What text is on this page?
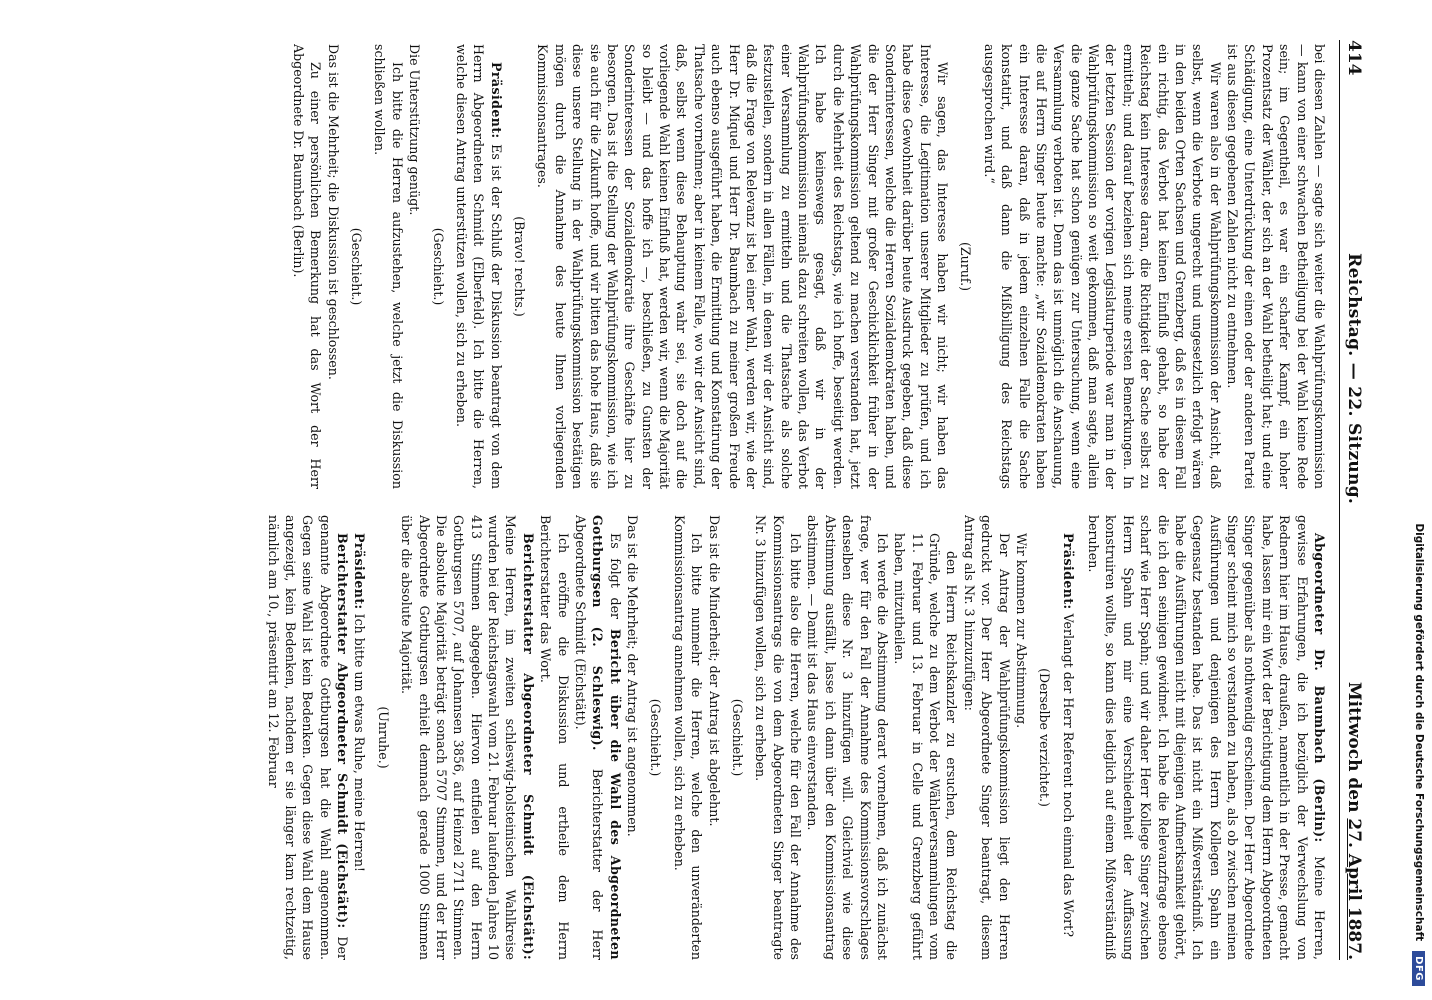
Digitalisierung gefördert durch die Deutsche Forschungsgemeinschaft
DFG
414
Reichstag. — 22. Sitzung.
Mittwoch den 27. April 1887.

bei diesen Zahlen — sagte sich weiter die Wahlprüfungskommission — kann von einer schwachen Betheiligung bei der Wahl keine Rede sein; im Gegentheil, es war ein scharfer Kampf, ein hoher Prozentsatz der Wähler, der sich an der Wahl betheiligt hat; und eine Schädigung, eine Unterdrückung der einen oder der anderen Partei ist aus diesen gegebenen Zahlen nicht zu entnehmen.

Wir waren also in der Wahlprüfungskommission der Ansicht, daß selbst, wenn die Verbote ungerecht und ungesetzlich erfolgt wären in den beiden Orten Sachsen und Grenzberg, daß es in diesem Fall ein richtig, das Verbot hat keinen Einfluß gehabt, so habe der Reichstag kein Interesse daran, die Richtigkeit der Sache selbst zu ermitteln; und darauf beziehen sich meine ersten Bemerkungen. In der letzten Session der vorigen Legislaturperiode war man in der Wahlprüfungskommission so weit gekommen, daß man sagte, allein die ganze Sache hat schon genügen zur Untersuchung, wenn eine Versammlung verboten ist. Denn das ist unmöglich die Anschauung, die auf Herrn Singer heute machte: „wir Sozialdemokraten haben ein Interesse daran, daß in jedem einzelnen Falle die Sache konstatirt, und daß dann die Mißbilligung des Reichstags ausgesprochen wird.“

(Zuruf.)

Wir sagen, das Interesse haben wir nicht; wir haben das Interesse, die Legitimation unserer Mitglieder zu prüfen, und ich habe diese Gewohnheit darüber heute Ausdruck gegeben, daß diese Sonderinteressen, welche die Herren Sozialdemokraten haben, und die der Herr Singer mit großer Geschicklichkeit früher in der Wahlprüfungskommission geltend zu machen verstanden hat, jetzt durch die Mehrheit des Reichstags, wie ich hoffe, beseitigt werden. Ich habe keineswegs gesagt, daß wir in der Wahlprüfungskommission niemals dazu schreiten wollen, das Verbot einer Versammlung zu ermitteln und die Thatsache als solche festzustellen, sondern in allen Fällen, in denen wir der Ansicht sind, daß die Frage von Relevanz ist bei einer Wahl, werden wir, wie der Herr Dr. Miquel und Herr Dr. Baumbach zu meiner großen Freude auch ebenso ausgeführt haben, die Ermittlung und Konstatirung der Thatsache vornehmen; aber in keinem Falle, wo wir der Ansicht sind, daß, selbst wenn diese Behauptung wahr sei, sie doch auf die vorliegende Wahl keinen Einfluß hat, werden wir, wenn die Majorität so bleibt — und das hoffe ich —, beschließen, zu Gunsten der Sonderinteressen der Sozialdemokratie ihre Geschäfte hier zu besorgen. Das ist die Stellung der Wahlprüfungskommission, wie ich sie auch für die Zukunft hoffe, und wir bitten das hohe Haus, daß sie diese unsere Stellung in der Wahlprüfungskommission bestätigen mögen durch die Annahme des heute Ihnen vorliegenden Kommissionsantrages.

(Bravo! rechts.)

Präsident: Es ist der Schluß der Diskussion beantragt von dem Herrn Abgeordneten Schmidt (Elberfeld). Ich bitte die Herren, welche diesen Antrag unterstützen wollen, sich zu erheben.

(Geschieht.)

Die Unterstützung genügt.

Ich bitte die Herren aufzustehen, welche jetzt die Diskussion schließen wollen.

(Geschieht.)

Das ist die Mehrheit; die Diskussion ist geschlossen.

Zu einer persönlichen Bemerkung hat das Wort der Herr Abgeordnete Dr. Baumbach (Berlin).

Abgeordneter Dr. Baumbach (Berlin): Meine Herren, gewisse Erfahrungen, die ich bezüglich der Verwechslung von Rednern hier im Hause, draußen, namentlich in der Presse, gemacht habe, lassen mir ein Wort der Berichtigung dem Herrn Abgeordneten Singer gegenüber als nothwendig erscheinen. Der Herr Abgeordnete Singer scheint mich so verstanden zu haben, als ob zwischen meinen Ausführungen und denjenigen des Herrn Kollegen Spahn ein Gegensatz bestanden habe. Das ist nicht ein Mißverständniß. Ich habe die Ausführungen nicht mit diejenigen Aufmerksamkeit gehört, die ich den seinigen gewidmet. Ich habe die Relevanzfrage ebenso scharf wie Herr Spahn; und wir daher Herr Kollege Singer zwischen Herrn Spahn und mir eine Verschiedenheit der Auffassung konstruiren wollte, so kann dies lediglich auf einem Mißverständniß beruhen.

Präsident: Verlangt der Herr Referent noch einmal das Wort?

(Derselbe verzichtet.)

Wir kommen zur Abstimmung.

Der Antrag der Wahlprüfungskommission liegt den Herren gedruckt vor. Der Herr Abgeordnete Singer beantragt, diesem Antrag als Nr. 3 hinzuzufügen:

den Herrn Reichskanzler zu ersuchen, dem Reichstag die Gründe, welche zu dem Verbot der Wählerversammlungen vom 11. Februar und 13. Februar in Celle und Grenzberg geführt haben, mitzutheilen.

Ich werde die Abstimmung derart vornehmen, daß ich zunächst frage, wer für den Fall der Annahme des Kommissionsvorschlages denselben diese Nr. 3 hinzufügen will. Gleichviel wie diese Abstimmung ausfällt, lasse ich dann über den Kommissionsantrag abstimmen. — Damit ist das Haus einverstanden.

Ich bitte also die Herren, welche für den Fall der Annahme des Kommissionsantrags die von dem Abgeordneten Singer beantragte Nr. 3 hinzufügen wollen, sich zu erheben.

(Geschieht.)

Das ist die Minderheit; der Antrag ist abgelehnt.

Ich bitte nunmehr die Herren, welche den unveränderten Kommissionsantrag annehmen wollen, sich zu erheben.

(Geschieht.)

Das ist die Mehrheit; der Antrag ist angenommen.

Es folgt der Bericht über die Wahl des Abgeordneten Gottburgsen (2. Schleswig). Berichterstatter der Herr Abgeordnete Schmidt (Eichstätt).

Ich eröffne die Diskussion und ertheile dem Herrn Berichterstatter das Wort.

Berichterstatter Abgeordneter Schmidt (Eichstätt): Meine Herren, im zweiten schleswig-holsteinischen Wahlkreise wurden bei der Reichstagswahl vom 21. Februar laufenden Jahres 10 413 Stimmen abgegeben. Hiervon entfielen auf den Herrn Gottburgsen 5707, auf Johannsen 3856, auf Heinzel 2711 Stimmen. Die absolute Majorität beträgt sonach 5707 Stimmen, und der Herr Abgeordnete Gottburgsen erhielt demnach gerade 1000 Stimmen über die absolute Majorität.

(Unruhe.)

Präsident: Ich bitte um etwas Ruhe, meine Herren!

Berichterstatter Abgeordneter Schmidt (Eichstätt): Der genannte Abgeordnete Gottburgsen hat die Wahl angenommen. Gegen seine Wahl ist kein Bedenken. Gegen diese Wahl dem Hause angezeigt, kein Bedenken, nachdem er sie länger kam rechtzeitig, nämlich am 10., präsentirt am 12. Februar
